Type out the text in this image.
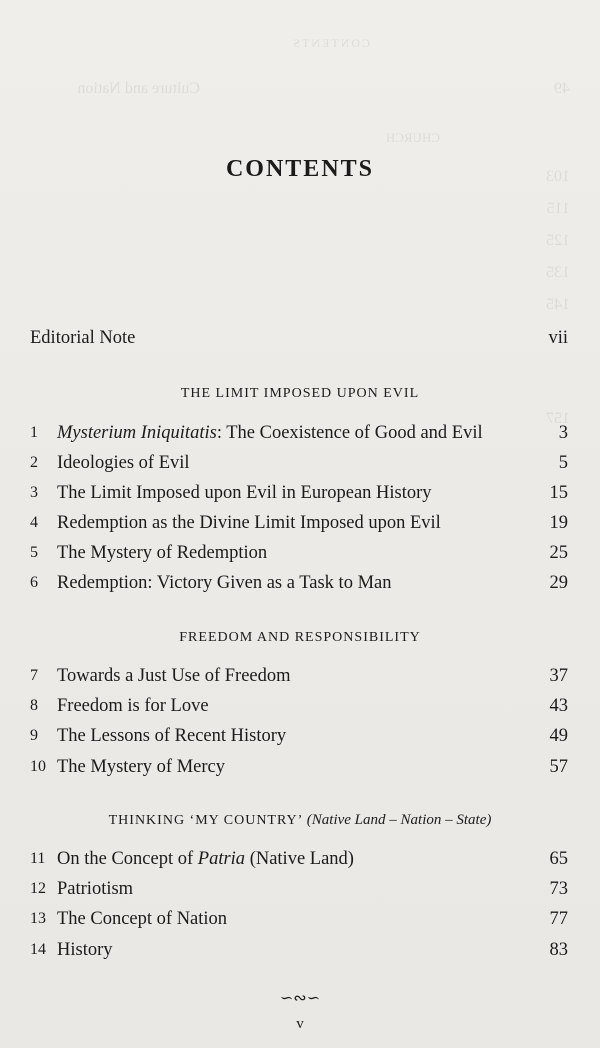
CONTENTS
49
Culture and Nation
CHURCH
103
115
125
135
145
157
CONTENTS
Editorial Note	vii
THE LIMIT IMPOSED UPON EVIL
1	Mysterium Iniquitatis: The Coexistence of Good and Evil	3
2	Ideologies of Evil	5
3	The Limit Imposed upon Evil in European History	15
4	Redemption as the Divine Limit Imposed upon Evil	19
5	The Mystery of Redemption	25
6	Redemption: Victory Given as a Task to Man	29
FREEDOM AND RESPONSIBILITY
7	Towards a Just Use of Freedom	37
8	Freedom is for Love	43
9	The Lessons of Recent History	49
10 The Mystery of Mercy	57
THINKING ‘MY COUNTRY’ (Native Land – Nation – State)
11 On the Concept of Patria (Native Land)	65
12 Patriotism	73
13 The Concept of Nation	77
14 History	83
∽∾∽
v
